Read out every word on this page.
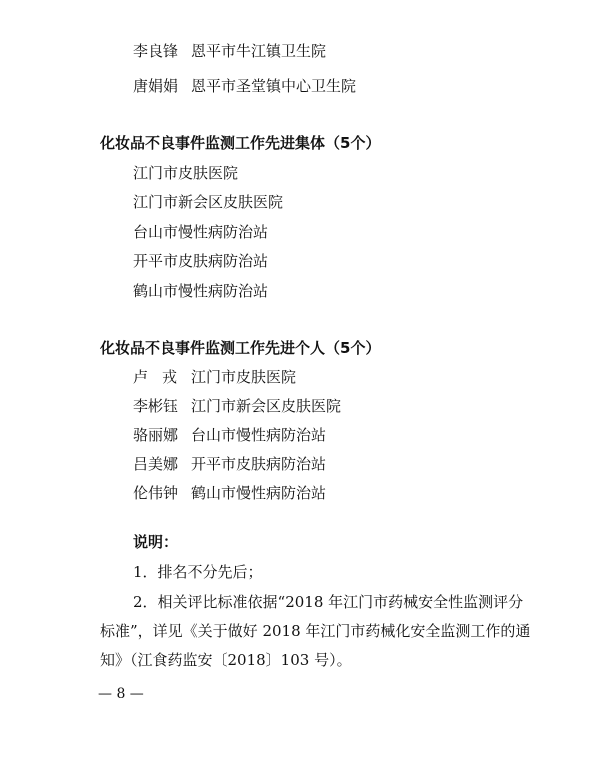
李良锋 恩平市牛江镇卫生院
唐娟娟 恩平市圣堂镇中心卫生院
化妆品不良事件监测工作先进集体（5个）
江门市皮肤医院
江门市新会区皮肤医院
台山市慢性病防治站
开平市皮肤病防治站
鹤山市慢性病防治站
化妆品不良事件监测工作先进个人（5个）
卢戎江门市皮肤医院
李彬钰 江门市新会区皮肤医院
骆丽娜 台山市慢性病防治站
吕美娜 开平市皮肤病防治站
伦伟钟 鹤山市慢性病防治站
说明：
1．排名不分先后；
2．相关评比标准依据“2018 年江门市药械安全性监测评分
标准”，详见《关于做好 2018 年江门市药械化安全监测工作的通
知》（江食药监安〔2018〕103 号）。
— 8 —
